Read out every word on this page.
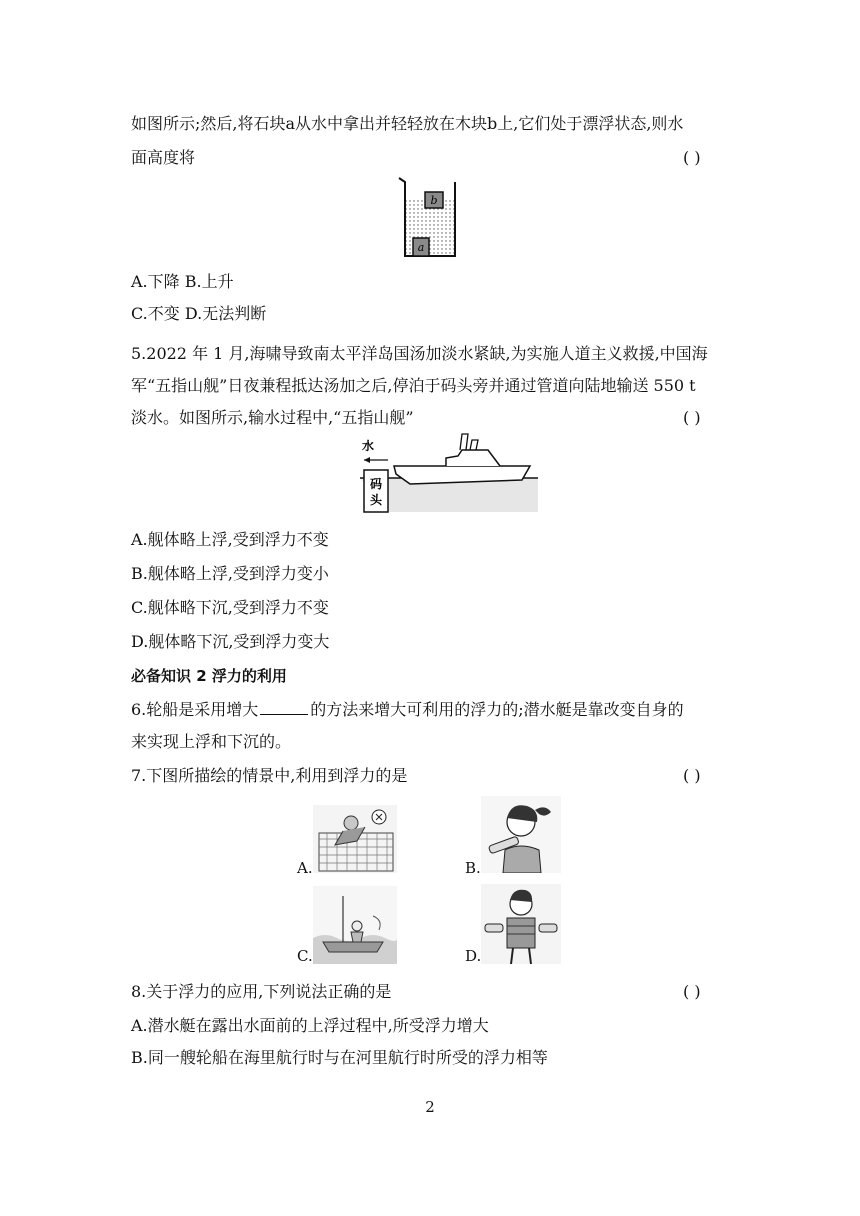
如图所示;然后,将石块a从水中拿出并轻轻放在木块b上,它们处于漂浮状态,则水
面高度将	( )
b
a
A.下降 B.上升
C.不变 D.无法判断
5.2022 年 1 月,海啸导致南太平洋岛国汤加淡水紧缺,为实施人道主义救援,中国海
军“五指山舰”日夜兼程抵达汤加之后,停泊于码头旁并通过管道向陆地输送 550 t
淡水。如图所示,输水过程中,“五指山舰”	( )
码
头
水
A.舰体略上浮,受到浮力不变
B.舰体略上浮,受到浮力变小
C.舰体略下沉,受到浮力不变
D.舰体略下沉,受到浮力变大
必备知识 2 浮力的利用
6.轮船是采用增大	的方法来增大可利用的浮力的;潜水艇是靠改变自身的
来实现上浮和下沉的。
7.下图所描绘的情景中,利用到浮力的是	( )
A.	B.
C.	D.
8.关于浮力的应用,下列说法正确的是	( )
A.潜水艇在露出水面前的上浮过程中,所受浮力增大
B.同一艘轮船在海里航行时与在河里航行时所受的浮力相等
2
